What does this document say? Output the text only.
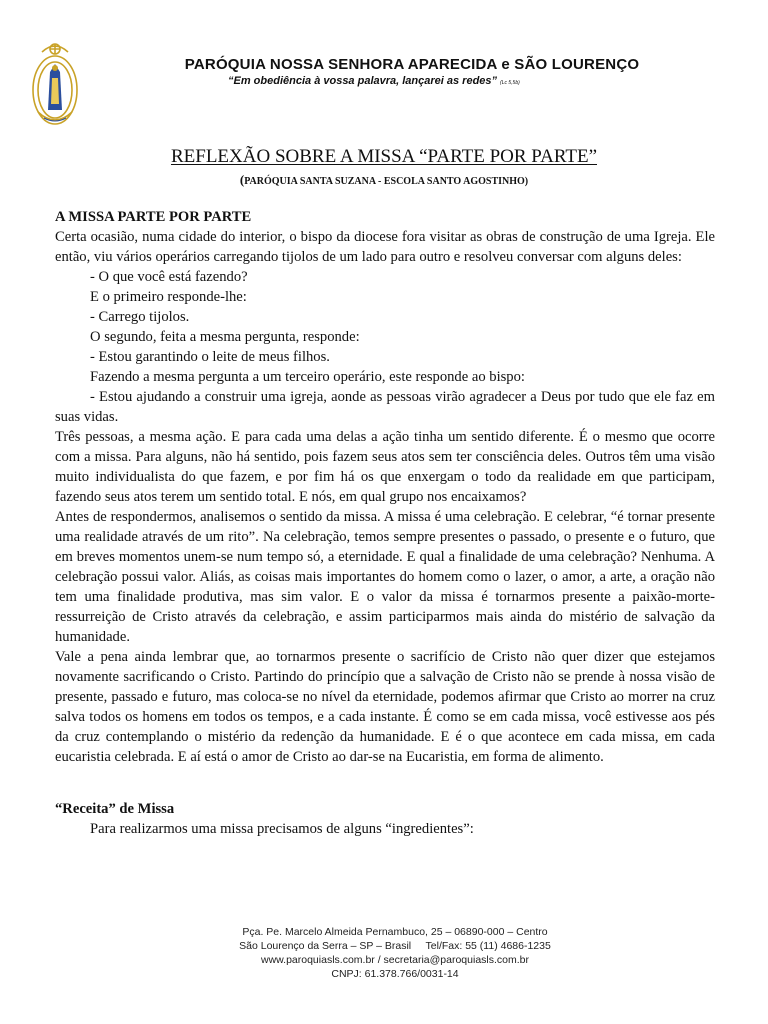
PARÓQUIA NOSSA SENHORA APARECIDA e SÃO LOURENÇO
“Em obediência à vossa palavra, lançarei as redes” (Lc 5,5b)
REFLEXÃO SOBRE A MISSA “PARTE POR PARTE”
(PARÓQUIA SANTA SUZANA - ESCOLA SANTO AGOSTINHO)

A MISSA PARTE POR PARTE

Certa ocasião, numa cidade do interior, o bispo da diocese fora visitar as obras de construção de uma Igreja. Ele então, viu vários operários carregando tijolos de um lado para outro e resolveu conversar com alguns deles:

- O que você está fazendo?

E o primeiro responde-lhe:

- Carrego tijolos.

O segundo, feita a mesma pergunta, responde:

- Estou garantindo o leite de meus filhos.

Fazendo a mesma pergunta a um terceiro operário, este responde ao bispo:

- Estou ajudando a construir uma igreja, aonde as pessoas virão agradecer a Deus por tudo que ele faz em suas vidas.

Três pessoas, a mesma ação. E para cada uma delas a ação tinha um sentido diferente. É o mesmo que ocorre com a missa. Para alguns, não há sentido, pois fazem seus atos sem ter consciência deles. Outros têm uma visão muito individualista do que fazem, e por fim há os que enxergam o todo da realidade em que participam, fazendo seus atos terem um sentido total. E nós, em qual grupo nos encaixamos?

Antes de respondermos, analisemos o sentido da missa. A missa é uma celebração. E celebrar, “é tornar presente uma realidade através de um rito”. Na celebração, temos sempre presentes o passado, o presente e o futuro, que em breves momentos unem-se num tempo só, a eternidade. E qual a finalidade de uma celebração? Nenhuma. A celebração possui valor. Aliás, as coisas mais importantes do homem como o lazer, o amor, a arte, a oração não tem uma finalidade produtiva, mas sim valor. E o valor da missa é tornarmos presente a paixão-morte-ressurreição de Cristo através da celebração, e assim participarmos mais ainda do mistério de salvação da humanidade.

Vale a pena ainda lembrar que, ao tornarmos presente o sacrifício de Cristo não quer dizer que estejamos novamente sacrificando o Cristo. Partindo do princípio que a salvação de Cristo não se prende à nossa visão de presente, passado e futuro, mas coloca-se no nível da eternidade, podemos afirmar que Cristo ao morrer na cruz salva todos os homens em todos os tempos, e a cada instante. É como se em cada missa, você estivesse aos pés da cruz contemplando o mistério da redenção da humanidade. E é o que acontece em cada missa, em cada eucaristia celebrada. E aí está o amor de Cristo ao dar-se na Eucaristia, em forma de alimento.

“Receita” de Missa

Para realizarmos uma missa precisamos de alguns “ingredientes”:

Pça. Pe. Marcelo Almeida Pernambuco, 25 – 06890-000 – Centro
São Lourenço da Serra – SP – Brasil     Tel/Fax: 55 (11) 4686-1235
www.paroquiasls.com.br / secretaria@paroquiasls.com.br
CNPJ: 61.378.766/0031-14
